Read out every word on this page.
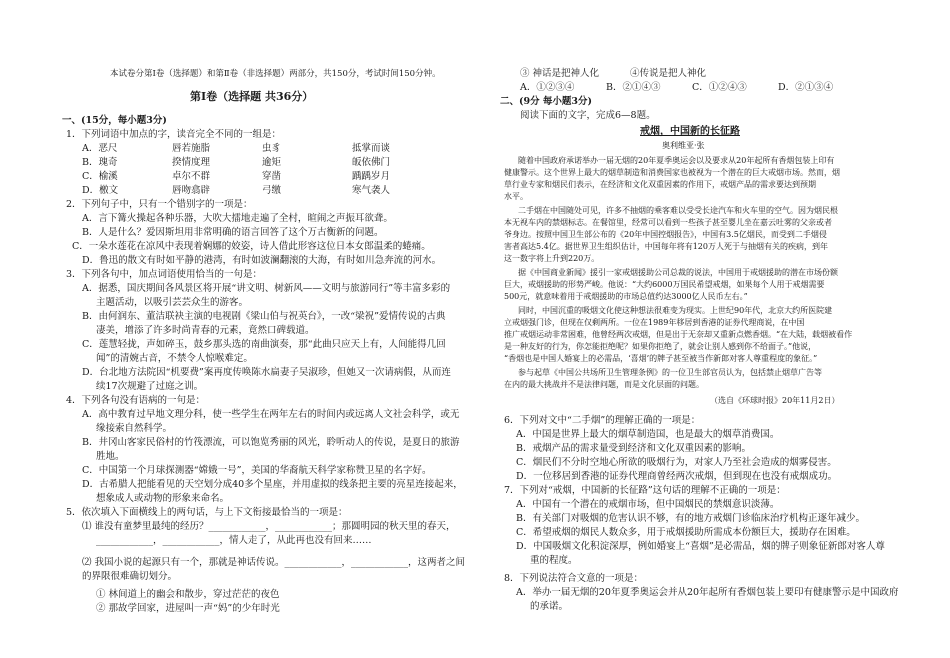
本试卷分第Ⅰ卷（选择题）和第Ⅱ卷（非选择题）两部分，共150分，考试时间150分钟。
第Ⅰ卷（选择题 共36分）
一、(15分，每小题3分)
1．下列词语中加点的字，读音完全不同的一组是：
A．恶尺	唇若施脂	虫豸	抵掌而谈
B．瑰奇	揆情度理	逾矩	皈依佛门
C．榆溪	卓尔不群	穿凿	踽踽岁月
D．檄文	唇吻翕辟	弓缴	寒气袭人
2．下列句子中，只有一个错别字的一项是：
A．言下篝火操起各种乐器，大吹大擂地走遍了全村，暄闹之声振耳欲聋。
B．人是什么？爱因斯坦用非常明确的语言回答了这个万古衡新的问题。
C．一朵水莲花在凉风中表现着娴娜的姣姿，诗人借此形容这位日本女郎温柔的蜷痛。
D．鲁迅的散文有时如平静的港湾，有时如波澜翻滚的大海，有时如川急奔流的河水。
3．下列各句中，加点词语使用恰当的一句是：
A．据悉，国庆期间各风景区将开展“讲文明、树新风——文明与旅游同行”等丰富多彩的
主题活动，以吸引芸芸众生的游客。
B．由何润东、董洁联袂主演的电视剧《梁山伯与祝英台》，一改“梁祝”爱情传说的古典
凄美，增添了许多时尚青春的元素，竟然口碑载道。
C．莲慧轻拢，声如碎玉，鼓乡那头选的南曲演奏，那“此曲只应天上有，人间能得几回
闻”的清婉古音，不禁令人惊喉难定。
D．台北地方法院因“机要费”案再度传唤陈水扁妻子吴淑珍，但她又一次请病假，从而连
续17次规避了过庭之训。
4．下列各句没有语病的一句是：
A．高中教育过早地文理分科，使一些学生在两年左右的时间内或远离人文社会科学，或无
缘接索自然科学。
B．井冈山客家民俗村的竹筏漂流，可以饱览秀丽的风光，聆听动人的传说，是夏日的旅游
胜地。
C．中国第一个月球探测器“嫦娥一号”，美国的华裔航天科学家称赞卫星的名字好。
D．古希腊人把能看见的天空划分成40多个星座，并用虚拟的线条把主要的亮星连接起来，
想象成人或动物的形象来命名。
5．依次填入下面横线上的两句话，与上下文衔接最恰当的一项是：
⑴ 谁没有童梦里最纯的经历？____________，____________；那圆明园的秋天里的春天，
____________，____________，情人走了，从此再也没有回来……
⑵ 我国小说的起源只有一个，那就是神话传说。____________，____________，这两者之间
的界限很难确切划分。
① 林间道上的幽会和散步，穿过茫茫的夜色
② 那故学回家，进屋叫一声“妈”的少年时光
③ 神话是把神人化	④传说是把人神化
A．①②③④	B．②①④③	C．①②④③	D．②①③④
二、(9分 每小题3分)
阅读下面的文字，完成6—8题。
戒烟，中国新的长征路
奥利维亚·张
随着中国政府承诺举办一届无烟的20年夏季奥运会以及要求从20年起所有香烟包装上印有
健康警示。这个世界上最大的烟草制造和消费国家也被视为一个潜在的巨大戒烟市场。然而，烟
草行业专家和烟民们表示，在经济和文化双重因素的作用下，戒烟产品的需求要达到预期
水平。
二手烟在中国随处可见，许多不抽烟的乘客难以受受长途汽车和火车里的空气。因为烟民根
本无视车内的禁烟标志。在餐馆里，经常可以看到一些孩子甚至婴儿坐在嘉云吐雾的父亲或者
爷身边。按照中国卫生部公布的《20年中国控烟报告》，中国有3.5亿烟民，而受到二手烟侵
害者高达5.4亿。据世界卫生组织估计，中国每年将有120万人死于与抽烟有关的疾病，到年
这一数字将上升到220万。
据《中国商业新闻》援引一家戒烟援助公司总裁的说法，中国用于戒烟援助的潜在市场份额
巨大，戒烟援助的形势严峻。他说：“大约6000万国民希望戒烟，如果每个人用于戒烟需要
500元，就意味着用于戒烟援助的市场总值约达3000亿人民币左右。”
同时，中国沉重的吸烟文化使这种想法很难变为现实。上世纪90年代，北京大约所医院建
立戒烟强门诊，但现在仅剩两所。一位在1989年移居到香港的证券代理商说，在中国
推广戒烟运动非常困难，他曾经两次戒烟，但是出于无奈却又重新点燃香烟。“在大陆，载烟被看作
是一种友好的行为，你怎能拒绝呢？如果你拒绝了，就会让别人感到你不给面子。”他说，
“香烟也是中国人婚宴上的必需品，‘喜烟’的牌子甚至被当作新郎对客人尊重程度的象征。”
参与起草《中国公共场所卫生管理条例》的一位卫生部官员认为，包括禁止烟草广告等
在内的最大挑战并不是法律问题，而是文化层面的问题。
（选自《环球时报》20年11月2日）
6．下列对文中“二手烟”的理解正确的一项是：
A．中国是世界上最大的烟草制造国，也是最大的烟草消费国。
B．戒烟产品的需求量受到经济和文化双重因素的影响。
C．烟民们不分时空地心所欲的吸烟行为，对家人乃至社会造成的烟雾侵害。
D．一位移居到香港的证券代理商曾经两次戒烟，但到现在也没有戒烟成功。
7．下列对“戒烟，中国新的长征路”这句话的理解不正确的一项是：
A．中国有一个潜在的戒烟市场，但中国烟民的禁烟意识淡薄。
B．有关部门对吸烟的危害认识不够，有的地方戒烟门诊临床治疗机构正逐年减少。
C．希望戒烟的烟民人数众多，用于戒烟援助所需成本份额巨大，援助存在困难。
D．中国吸烟文化积淀深厚，例如婚宴上“喜烟”是必需品，烟的牌子则象征新郎对客人尊
重的程度。
8．下列说法符合文意的一项是：
A．举办一届无烟的20年夏季奥运会并从20年起所有香烟包装上要印有健康警示是中国政府
的承诺。
